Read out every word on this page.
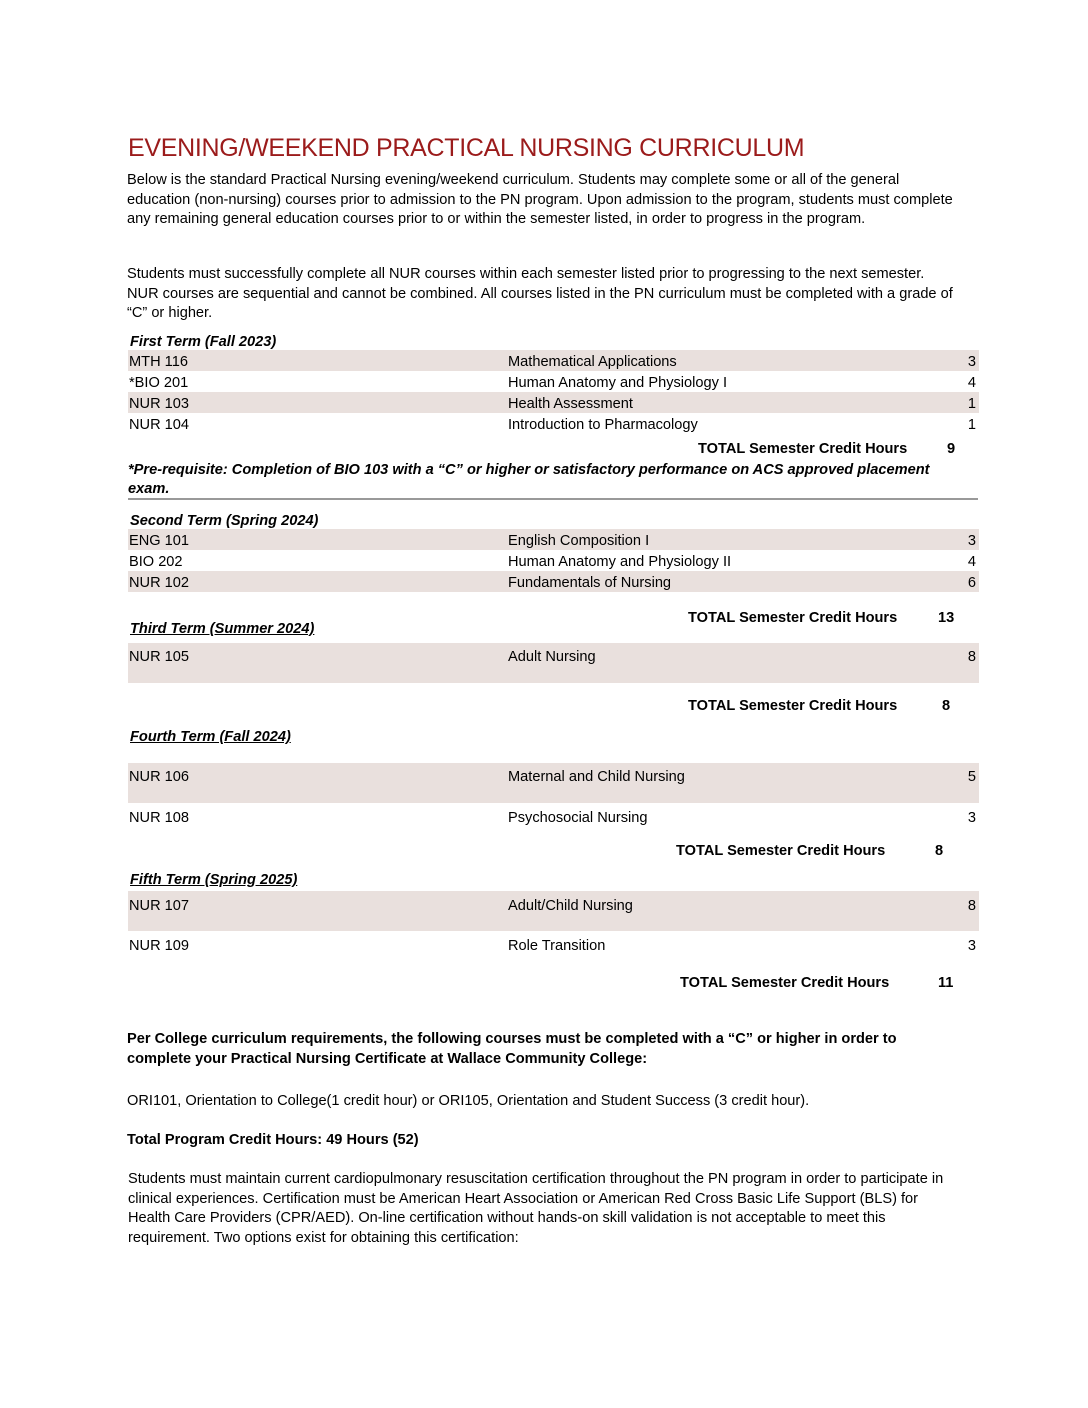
EVENING/WEEKEND PRACTICAL NURSING CURRICULUM
Below is the standard Practical Nursing evening/weekend curriculum. Students may complete some or all of the general education (non-nursing) courses prior to admission to the PN program. Upon admission to the program, students must complete any remaining general education courses prior to or within the semester listed, in order to progress in the program.
Students must successfully complete all NUR courses within each semester listed prior to progressing to the next semester. NUR courses are sequential and cannot be combined. All courses listed in the PN curriculum must be completed with a grade of “C” or higher.
First Term (Fall 2023)
MTH 116	Mathematical Applications	3
*BIO 201	Human Anatomy and Physiology I	4
NUR 103	Health Assessment	1
NUR 104	Introduction to Pharmacology	1
TOTAL Semester Credit Hours	9
*Pre-requisite: Completion of BIO 103 with a “C” or higher or satisfactory performance on ACS approved placement exam.
Second Term (Spring 2024)
ENG 101	English Composition I	3
BIO 202	Human Anatomy and Physiology II	4
NUR 102	Fundamentals of Nursing	6
TOTAL Semester Credit Hours	13
Third Term (Summer 2024)
NUR 105	Adult Nursing	8
TOTAL Semester Credit Hours	8
Fourth Term (Fall 2024)
NUR 106	Maternal and Child Nursing	5
NUR 108	Psychosocial Nursing	3
TOTAL Semester Credit Hours	8
Fifth Term (Spring 2025)
NUR 107	Adult/Child Nursing	8
NUR 109	Role Transition	3
TOTAL Semester Credit Hours	11
Per College curriculum requirements, the following courses must be completed with a “C” or higher in order to complete your Practical Nursing Certificate at Wallace Community College:
ORI101, Orientation to College(1 credit hour) or ORI105, Orientation and Student Success (3 credit hour).
Total Program Credit Hours: 49 Hours (52)
Students must maintain current cardiopulmonary resuscitation certification throughout the PN program in order to participate in clinical experiences. Certification must be American Heart Association or American Red Cross Basic Life Support (BLS) for Health Care Providers (CPR/AED). On-line certification without hands-on skill validation is not acceptable to meet this requirement. Two options exist for obtaining this certification:
